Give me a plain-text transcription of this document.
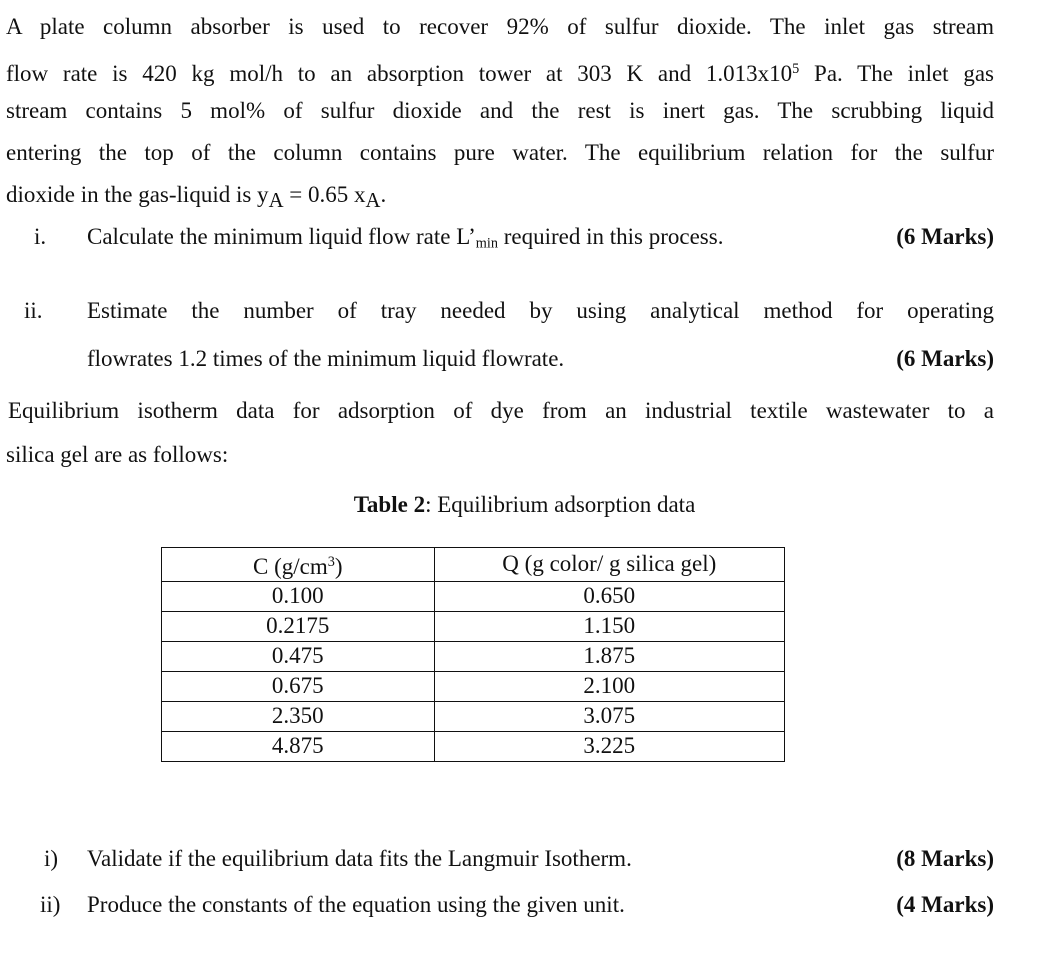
A plate column absorber is used to recover 92% of sulfur dioxide. The inlet gas stream
flow rate is 420 kg mol/h to an absorption tower at 303 K and $1.013x10^5$ Pa. The inlet gas
stream contains 5 mol% of sulfur dioxide and the rest is inert gas. The scrubbing liquid
entering the top of the column contains pure water. The equilibrium relation for the sulfur
dioxide in the gas-liquid is $y_A = 0.65$ $x_A$.
i. Calculate the minimum liquid flow rate $L’_{min}$ required in this process.	(6 Marks)
ii. Estimate the number of tray needed by using analytical method for operating
flowrates 1.2 times of the minimum liquid flowrate.	(6 Marks)
Equilibrium isotherm data for adsorption of dye from an industrial textile wastewater to a
silica gel are as follows:
Table 2: Equilibrium adsorption data
C $(g/cm^3)$	Q (g color/ g silica gel)
0.100	0.650
0.2175	1.150
0.475	1.875
0.675	2.100
2.350	3.075
4.875	3.225
i) Validate if the equilibrium data fits the Langmuir Isotherm.	(8 Marks)
ii) Produce the constants of the equation using the given unit.	(4 Marks)
